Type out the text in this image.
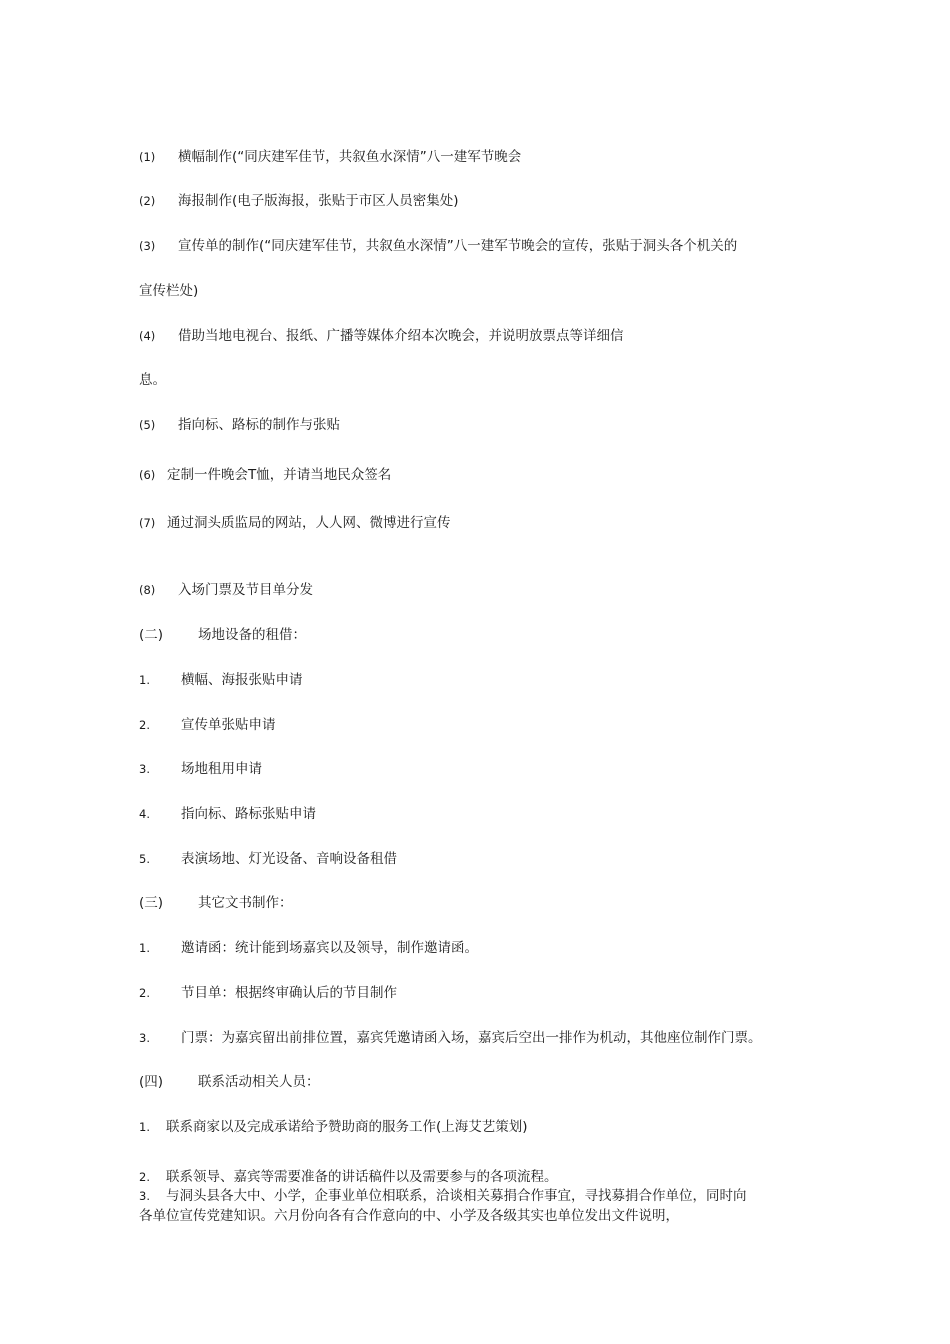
(1) 横幅制作(“同庆建军佳节，共叙鱼水深情”八一建军节晚会
(2) 海报制作(电子版海报，张贴于市区人员密集处)
(3) 宣传单的制作(“同庆建军佳节，共叙鱼水深情”八一建军节晚会的宣传，张贴于洞头各个机关的
宣传栏处)
(4) 借助当地电视台、报纸、广播等媒体介绍本次晚会，并说明放票点等详细信
息。
(5) 指向标、路标的制作与张贴
(6) 定制一件晚会T恤，并请当地民众签名
(7) 通过洞头质监局的网站，人人网、微博进行宣传
(8) 入场门票及节目单分发
(二)	场地设备的租借：
1. 横幅、海报张贴申请
2. 宣传单张贴申请
3. 场地租用申请
4. 指向标、路标张贴申请
5. 表演场地、灯光设备、音响设备租借
(三)	其它文书制作：
1. 邀请函：统计能到场嘉宾以及领导，制作邀请函。
2. 节目单：根据终审确认后的节目制作
3. 门票：为嘉宾留出前排位置，嘉宾凭邀请函入场，嘉宾后空出一排作为机动，其他座位制作门票。
(四)	联系活动相关人员：
1. 联系商家以及完成承诺给予赞助商的服务工作(上海艾艺策划)
2. 联系领导、嘉宾等需要准备的讲话稿件以及需要参与的各项流程。
3. 与洞头县各大中、小学，企事业单位相联系，洽谈相关募捐合作事宜，寻找募捐合作单位，同时向
各单位宣传党建知识。六月份向各有合作意向的中、小学及各级其实也单位发出文件说明，
